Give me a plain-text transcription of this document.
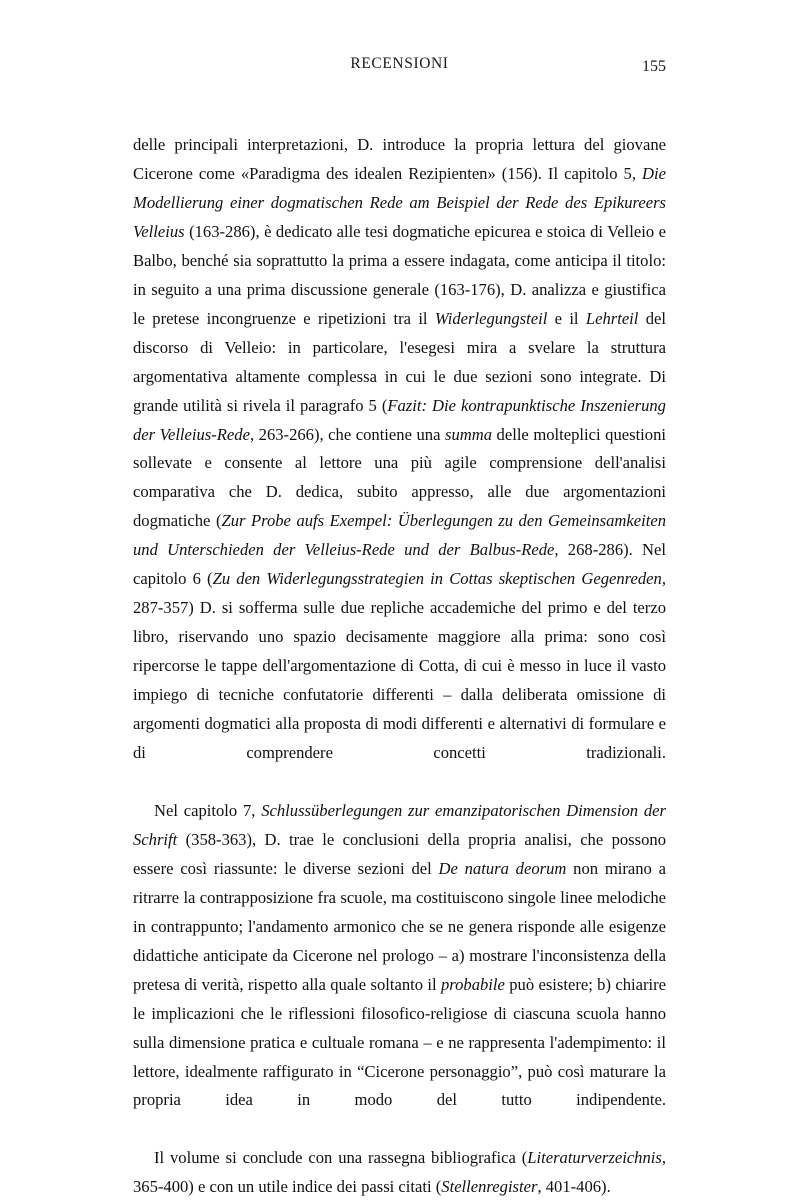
RECENSIONI	155

delle principali interpretazioni, D. introduce la propria lettura del giovane Cicerone come «Paradigma des idealen Rezipienten» (156). Il capitolo 5, Die Modellierung einer dogmatischen Rede am Beispiel der Rede des Epikureers Velleius (163-286), è dedicato alle tesi dogmatiche epicurea e stoica di Velleio e Balbo, benché sia soprattutto la prima a essere indagata, come anticipa il titolo: in seguito a una prima discussione generale (163-176), D. analizza e giustifica le pretese incongruenze e ripetizioni tra il Widerlegungsteil e il Lehrteil del discorso di Velleio: in particolare, l'esegesi mira a svelare la struttura argomentativa altamente complessa in cui le due sezioni sono integrate. Di grande utilità si rivela il paragrafo 5 (Fazit: Die kontrapunktische Inszenierung der Velleius-Rede, 263-266), che contiene una summa delle molteplici questioni sollevate e consente al lettore una più agile comprensione dell'analisi comparativa che D. dedica, subito appresso, alle due argomentazioni dogmatiche (Zur Probe aufs Exempel: Überlegungen zu den Gemeinsamkeiten und Unterschieden der Velleius-Rede und der Balbus-Rede, 268-286). Nel capitolo 6 (Zu den Widerlegungsstrategien in Cottas skeptischen Gegenreden, 287-357) D. si sofferma sulle due repliche accademiche del primo e del terzo libro, riservando uno spazio decisamente maggiore alla prima: sono così ripercorse le tappe dell'argomentazione di Cotta, di cui è messo in luce il vasto impiego di tecniche confutatorie differenti – dalla deliberata omissione di argomenti dogmatici alla proposta di modi differenti e alternativi di formulare e di comprendere concetti tradizionali.

Nel capitolo 7, Schlussüberlegungen zur emanzipatorischen Dimension der Schrift (358-363), D. trae le conclusioni della propria analisi, che possono essere così riassunte: le diverse sezioni del De natura deorum non mirano a ritrarre la contrapposizione fra scuole, ma costituiscono singole linee melodiche in contrappunto; l'andamento armonico che se ne genera risponde alle esigenze didattiche anticipate da Cicerone nel prologo – a) mostrare l'inconsistenza della pretesa di verità, rispetto alla quale soltanto il probabile può esistere; b) chiarire le implicazioni che le riflessioni filosofico-religiose di ciascuna scuola hanno sulla dimensione pratica e cultuale romana – e ne rappresenta l'adempimento: il lettore, idealmente raffigurato in “Cicerone personaggio”, può così maturare la propria idea in modo del tutto indipendente.

Il volume si conclude con una rassegna bibliografica (Literaturverzeichnis, 365-400) e con un utile indice dei passi citati (Stellenregister, 401-406).
